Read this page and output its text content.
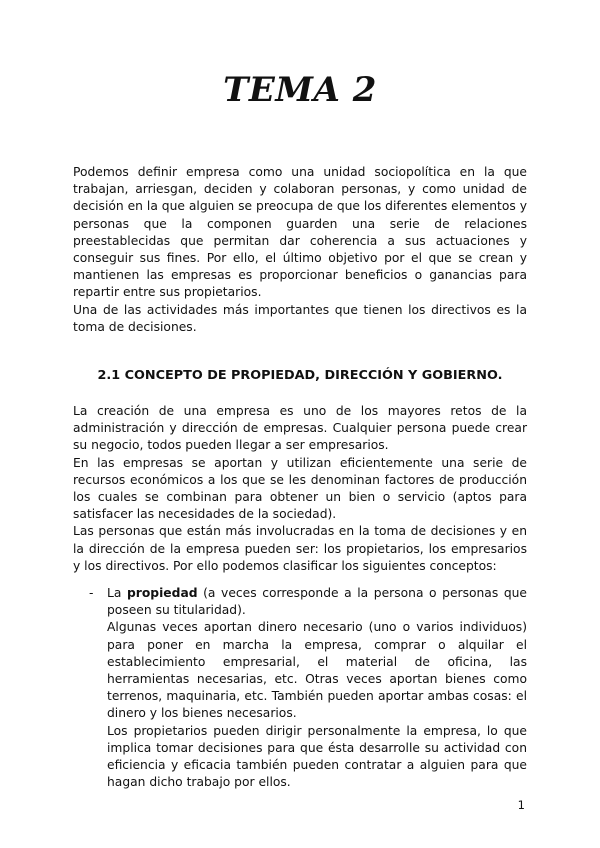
TEMA 2

Podemos definir empresa como una unidad sociopolítica en la que trabajan, arriesgan, deciden y colaboran personas, y como unidad de decisión en la que alguien se preocupa de que los diferentes elementos y personas que la componen guarden una serie de relaciones preestablecidas que permitan dar coherencia a sus actuaciones y conseguir sus fines. Por ello, el último objetivo por el que se crean y mantienen las empresas es proporcionar beneficios o ganancias para repartir entre sus propietarios.

Una de las actividades más importantes que tienen los directivos es la toma de decisiones.

2.1 CONCEPTO DE PROPIEDAD, DIRECCIÓN Y GOBIERNO.

La creación de una empresa es uno de los mayores retos de la administración y dirección de empresas. Cualquier persona puede crear su negocio, todos pueden llegar a ser empresarios.

En las empresas se aportan y utilizan eficientemente una serie de recursos económicos a los que se les denominan factores de producción los cuales se combinan para obtener un bien o servicio (aptos para satisfacer las necesidades de la sociedad).

Las personas que están más involucradas en la toma de decisiones y en la dirección de la empresa pueden ser: los propietarios, los empresarios y los directivos. Por ello podemos clasificar los siguientes conceptos:

- La propiedad (a veces corresponde a la persona o personas que poseen su titularidad).

Algunas veces aportan dinero necesario (uno o varios individuos) para poner en marcha la empresa, comprar o alquilar el establecimiento empresarial, el material de oficina, las herramientas necesarias, etc. Otras veces aportan bienes como terrenos, maquinaria, etc. También pueden aportar ambas cosas: el dinero y los bienes necesarios.

Los propietarios pueden dirigir personalmente la empresa, lo que implica tomar decisiones para que ésta desarrolle su actividad con eficiencia y eficacia también pueden contratar a alguien para que hagan dicho trabajo por ellos.

1
